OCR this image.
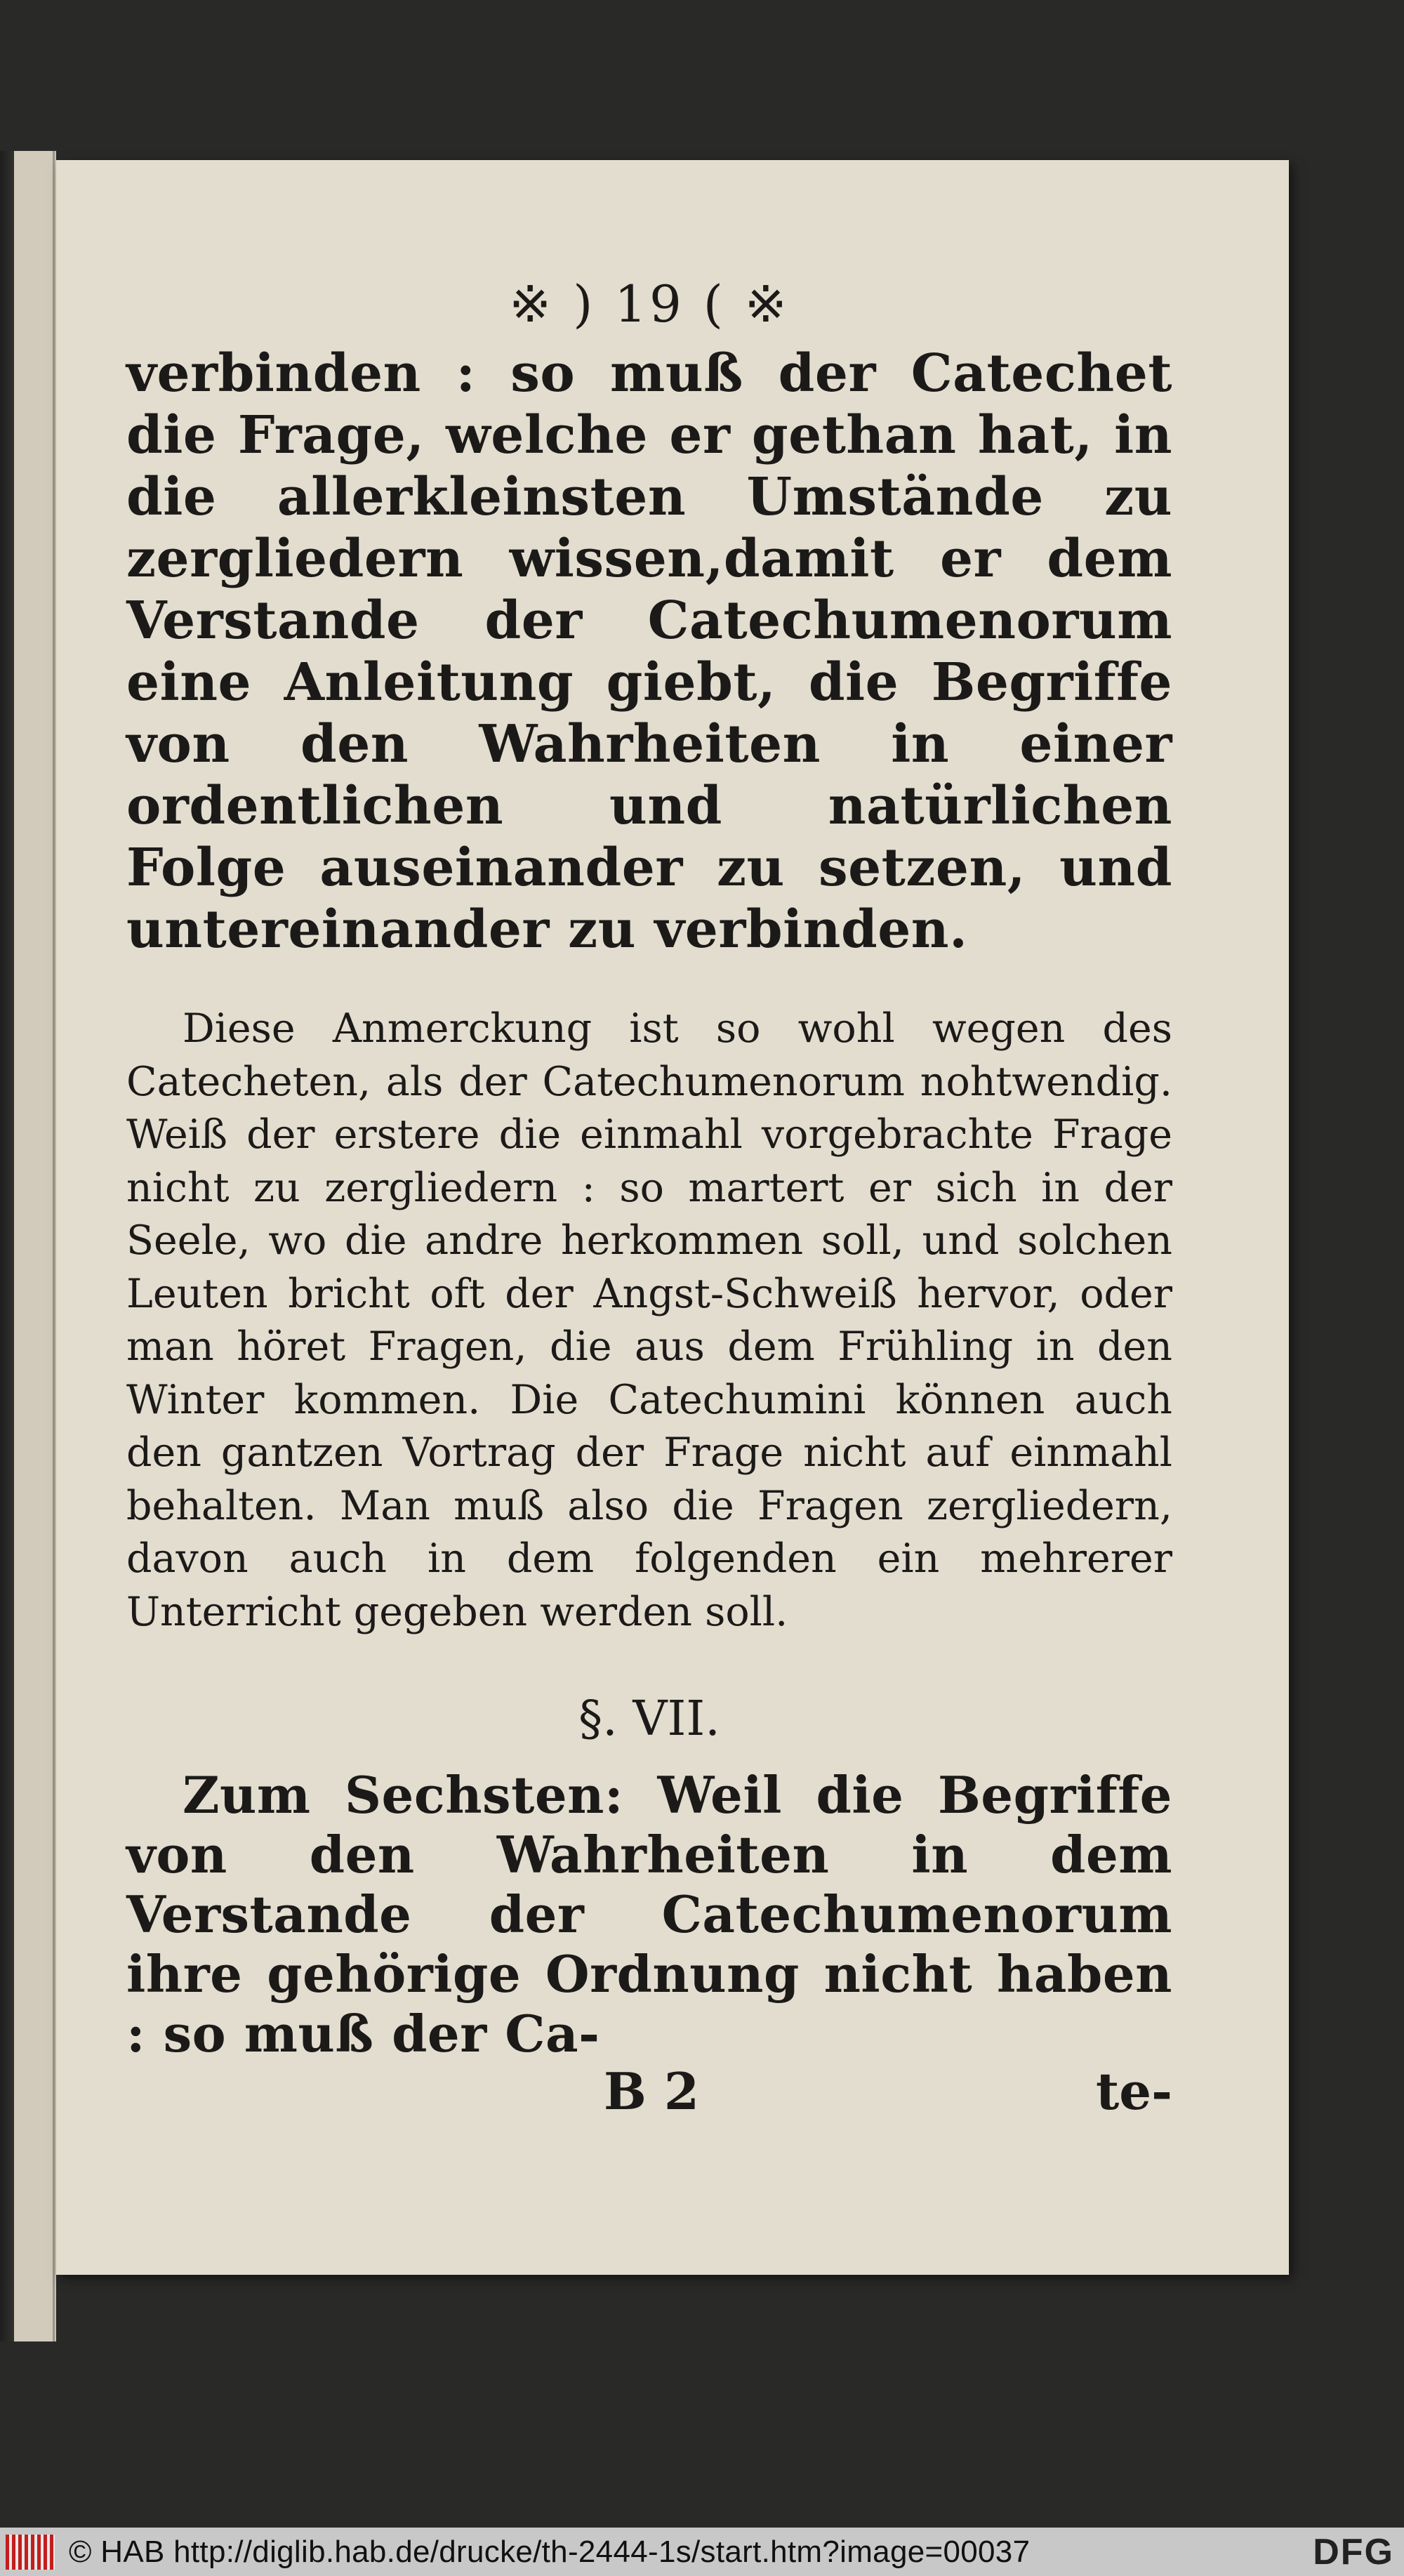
※ ) 19 ( ※
verbinden : so muß der Catechet die Frage, welche er gethan hat, in die allerkleinsten Umstände zu zergliedern wissen,damit er dem Verstande der Catechumenorum eine Anleitung giebt, die Begriffe von den Wahrheiten in einer ordentlichen und natürlichen Folge auseinander zu setzen, und untereinander zu verbinden.
Diese Anmerckung ist so wohl wegen des Catecheten, als der Catechumenorum nohtwendig. Weiß der erstere die einmahl vorgebrachte Frage nicht zu zergliedern : so martert er sich in der Seele, wo die andre herkommen soll, und solchen Leuten bricht oft der Angst-Schweiß hervor, oder man höret Fragen, die aus dem Frühling in den Winter kommen. Die Catechumini können auch den gantzen Vortrag der Frage nicht auf einmahl behalten. Man muß also die Fragen zergliedern, davon auch in dem folgenden ein mehrerer Unterricht gegeben werden soll.
§. VII.
Zum Sechsten: Weil die Begriffe von den Wahrheiten in dem Verstande der Catechumenorum ihre gehörige Ordnung nicht haben : so muß der Ca-
B 2	te-
© HAB http://diglib.hab.de/drucke/th-2444-1s/start.htm?image=00037	DFG
